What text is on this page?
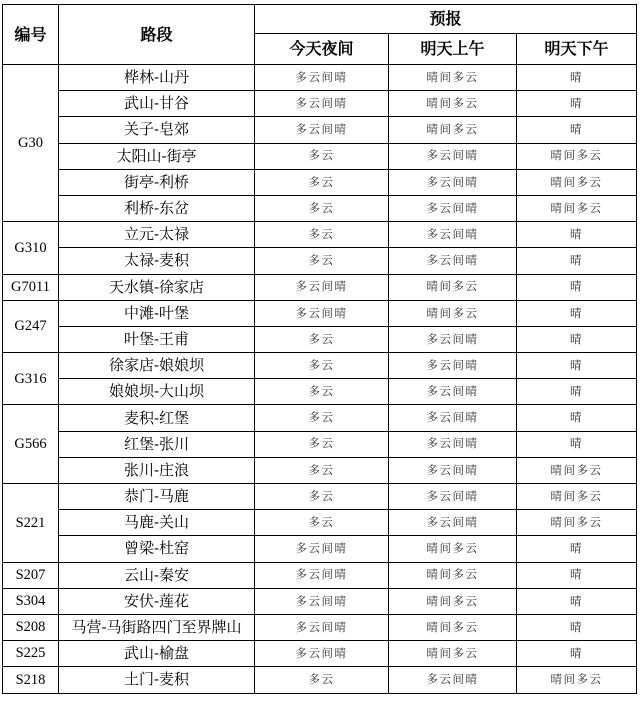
编号	路段	预报		
		今天夜间	明天上午	明天下午
G30	桦林-山丹	多云间晴	晴间多云	晴
	武山-甘谷	多云间晴	晴间多云	晴
	关子-皂郊	多云间晴	晴间多云	晴
	太阳山-街亭	多云	多云间晴	晴间多云
	街亭-利桥	多云	多云间晴	晴间多云
	利桥-东岔	多云	多云间晴	晴间多云
G310	立元-太禄	多云	多云间晴	晴
	太禄-麦积	多云	多云间晴	晴
G7011	天水镇-徐家店	多云间晴	晴间多云	晴
G247	中滩-叶堡	多云间晴	晴间多云	晴
	叶堡-王甫	多云	多云间晴	晴
G316	徐家店-娘娘坝	多云	多云间晴	晴
	娘娘坝-大山坝	多云	多云间晴	晴
G566	麦积-红堡	多云	多云间晴	晴
	红堡-张川	多云	多云间晴	晴
	张川-庄浪	多云	多云间晴	晴间多云
S221	恭门-马鹿	多云	多云间晴	晴间多云
	马鹿-关山	多云	多云间晴	晴间多云
	曾梁-杜窑	多云间晴	晴间多云	晴
S207	云山-秦安	多云间晴	晴间多云	晴
S304	安伏-莲花	多云间晴	晴间多云	晴
S208	马营-马街路四门至界牌山	多云间晴	晴间多云	晴
S225	武山-榆盘	多云间晴	晴间多云	晴
S218	土门-麦积	多云	多云间晴	晴间多云
